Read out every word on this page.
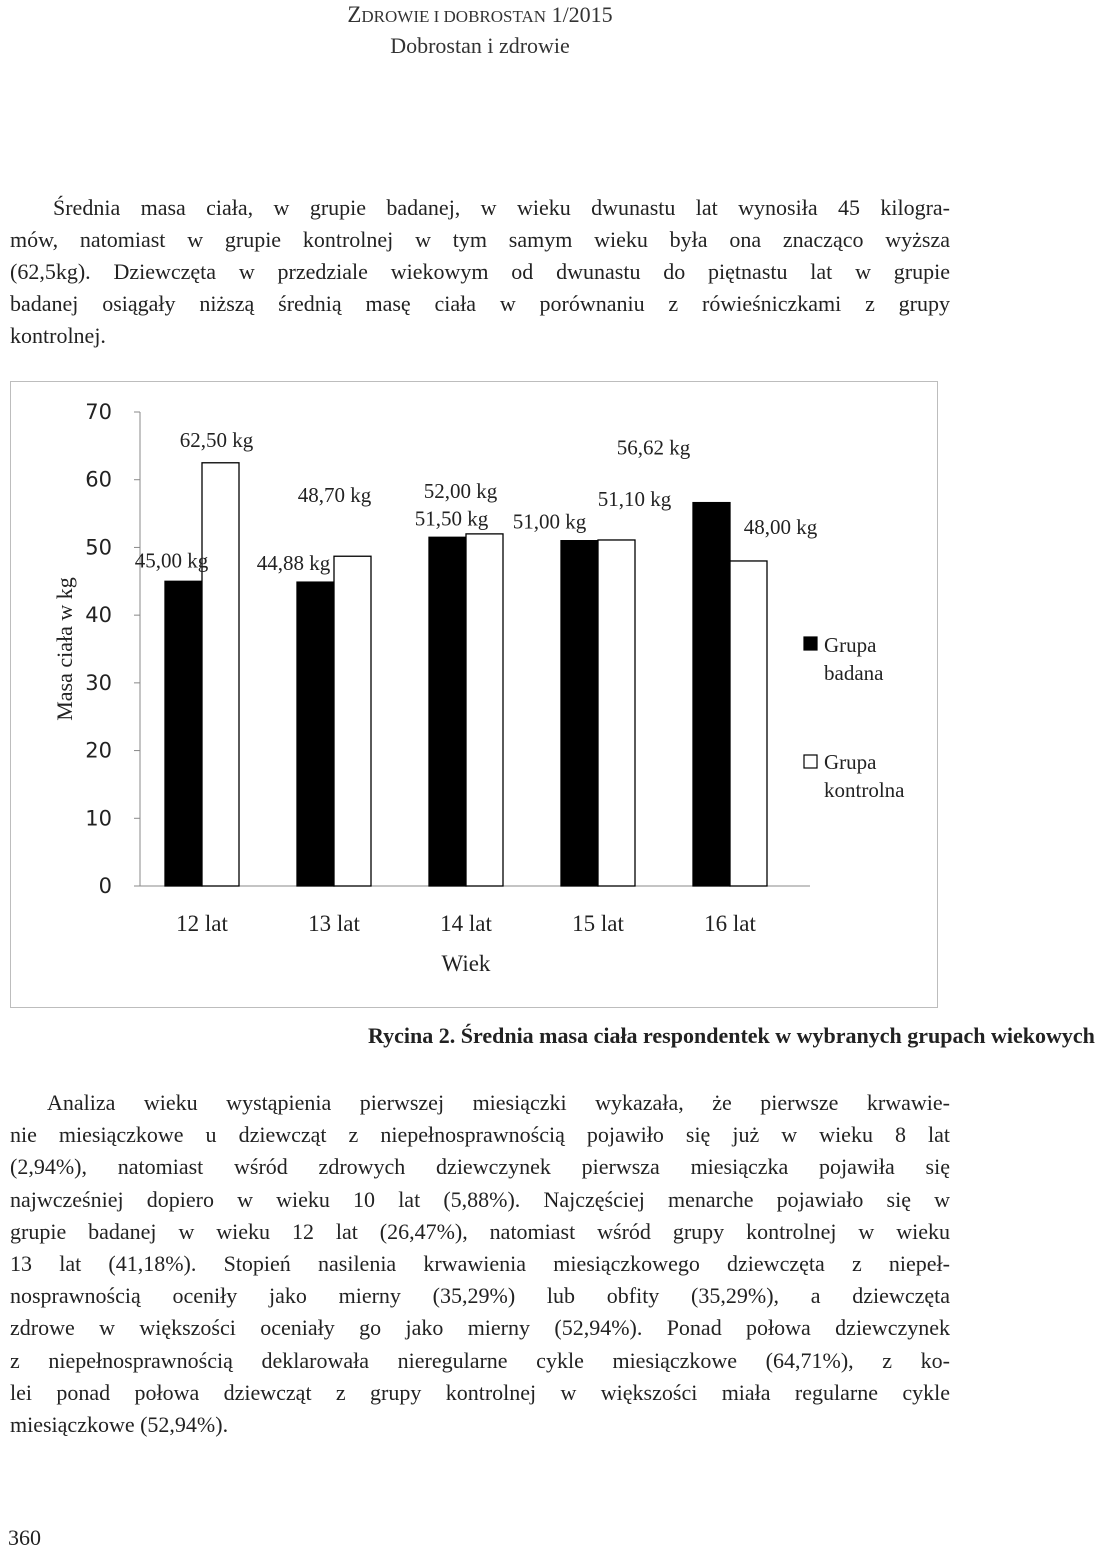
ZDROWIE I DOBROSTAN 1/2015
Dobrostan i zdrowie
Średnia masa ciała, w grupie badanej, w wieku dwunastu lat wynosiła 45 kilogra-
mów, natomiast w grupie kontrolnej w tym samym wieku była ona znacząco wyższa
(62,5kg). Dziewczęta w przedziale wiekowym od dwunastu do piętnastu lat w grupie
badanej osiągały niższą średnią masę ciała w porównaniu z rówieśniczkami z grupy
kontrolnej.
0
10
20
30
40
50
60
70
Masa ciała w kg
12 lat	13 lat	14 lat	15 lat	16 lat
45,00 kg
62,50 kg
44,88 kg
48,70 kg
51,50 kg
52,00 kg
51,00 kg
51,10 kg
56,62 kg
48,00 kg
Wiek
Grupa
badana
Grupa
kontrolna
Rycina 2. Średnia masa ciała respondentek w wybranych grupach wiekowych
Analiza wieku wystąpienia pierwszej miesiączki wykazała, że pierwsze krwawie-
nie miesiączkowe u dziewcząt z niepełnosprawnością pojawiło się już w wieku 8 lat
(2,94%), natomiast wśród zdrowych dziewczynek pierwsza miesiączka pojawiła się
najwcześniej dopiero w wieku 10 lat (5,88%). Najczęściej menarche pojawiało się w
grupie badanej w wieku 12 lat (26,47%), natomiast wśród grupy kontrolnej w wieku
13 lat (41,18%). Stopień nasilenia krwawienia miesiączkowego dziewczęta z niepeł-
nosprawnością oceniły jako mierny (35,29%) lub obfity (35,29%), a dziewczęta
zdrowe w większości oceniały go jako mierny (52,94%). Ponad połowa dziewczynek
z niepełnosprawnością deklarowała nieregularne cykle miesiączkowe (64,71%), z ko-
lei ponad połowa dziewcząt z grupy kontrolnej w większości miała regularne cykle
miesiączkowe (52,94%).
360
